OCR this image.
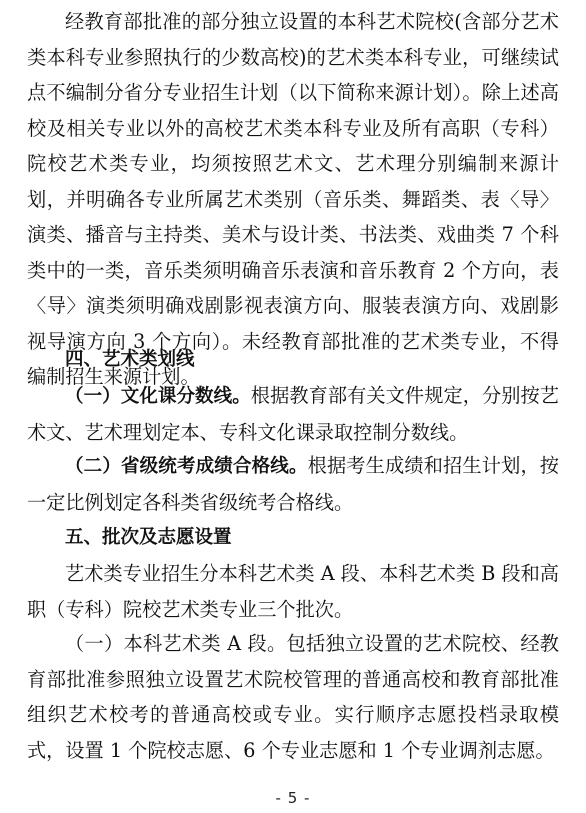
经教育部批准的部分独立设置的本科艺术院校(含部分艺术类本科专业参照执行的少数高校)的艺术类本科专业，可继续试点不编制分省分专业招生计划（以下简称来源计划）。除上述高校及相关专业以外的高校艺术类本科专业及所有高职（专科）院校艺术类专业，均须按照艺术文、艺术理分别编制来源计划，并明确各专业所属艺术类别（音乐类、舞蹈类、表〈导〉演类、播音与主持类、美术与设计类、书法类、戏曲类 7 个科类中的一类，音乐类须明确音乐表演和音乐教育 2 个方向，表〈导〉演类须明确戏剧影视表演方向、服装表演方向、戏剧影视导演方向 3 个方向）。未经教育部批准的艺术类专业，不得编制招生来源计划。

四、艺术类划线

（一）文化课分数线。根据教育部有关文件规定，分别按艺术文、艺术理划定本、专科文化课录取控制分数线。

（二）省级统考成绩合格线。根据考生成绩和招生计划，按一定比例划定各科类省级统考合格线。

五、批次及志愿设置

艺术类专业招生分本科艺术类 A 段、本科艺术类 B 段和高职（专科）院校艺术类专业三个批次。

（一）本科艺术类 A 段。包括独立设置的艺术院校、经教育部批准参照独立设置艺术院校管理的普通高校和教育部批准组织艺术校考的普通高校或专业。实行顺序志愿投档录取模式，设置 1 个院校志愿、6 个专业志愿和 1 个专业调剂志愿。

- 5 -
